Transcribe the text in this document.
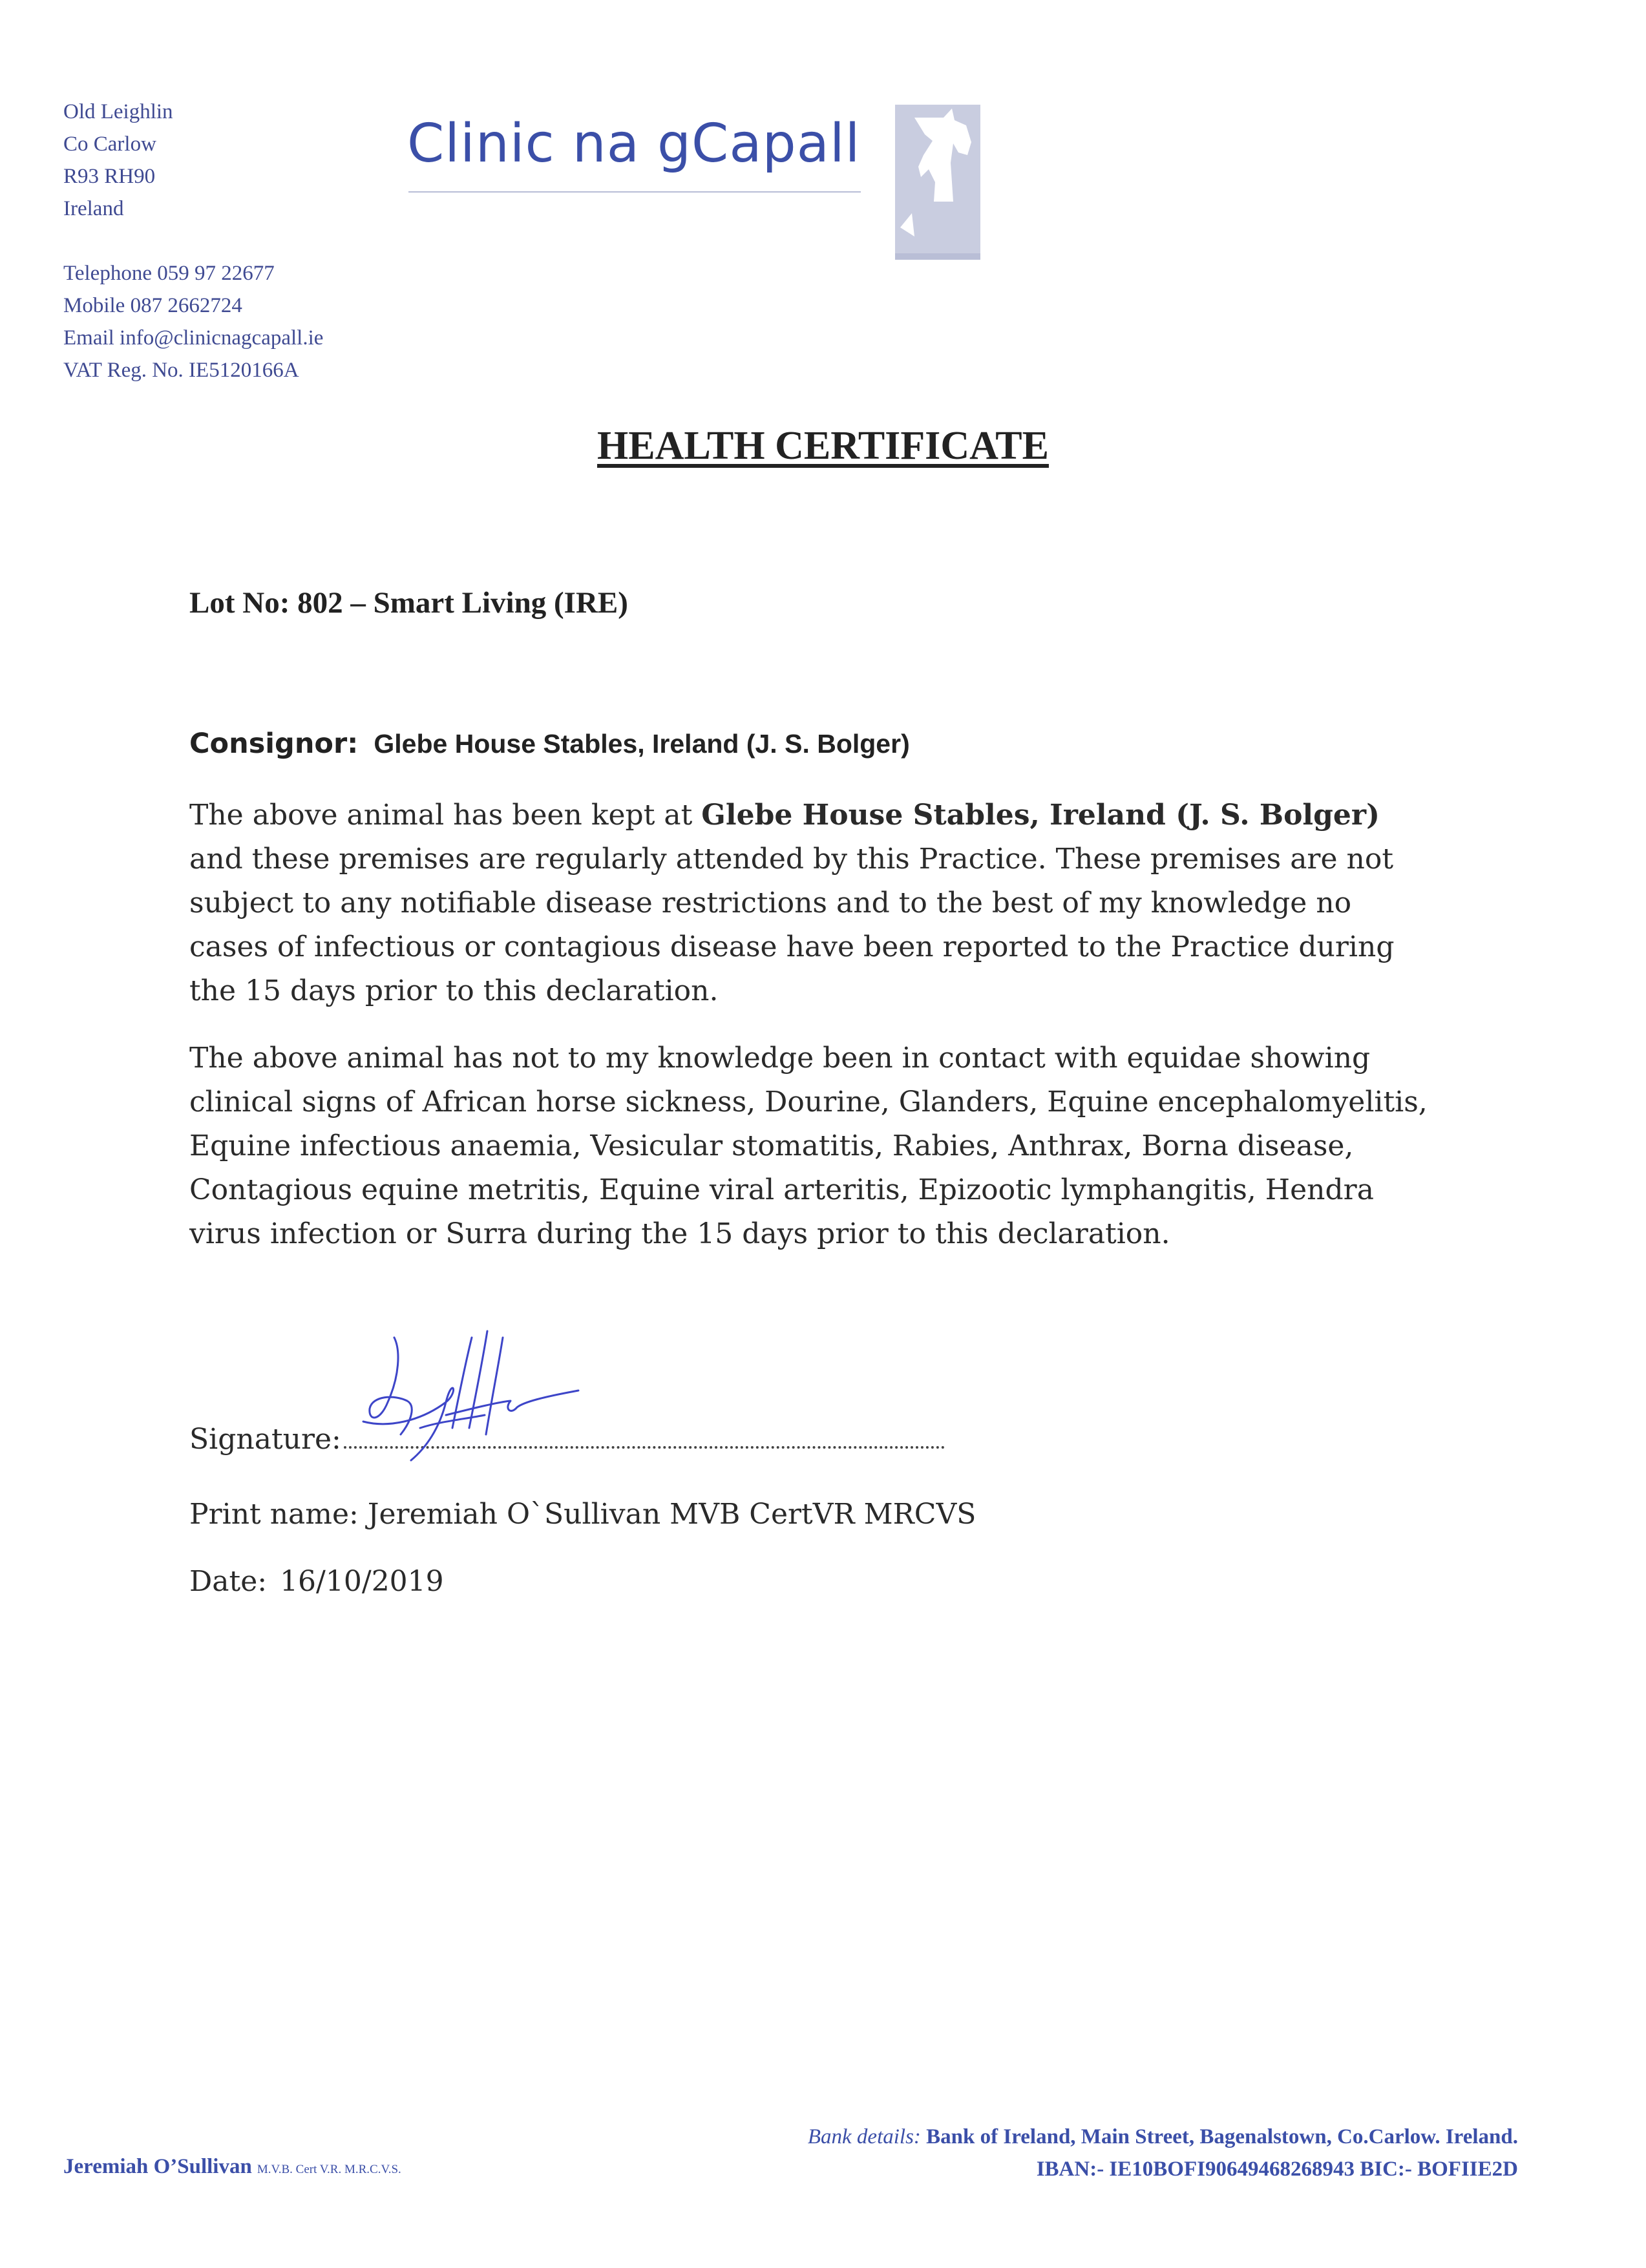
Old Leighlin
Co Carlow
R93 RH90
Ireland
Telephone 059 97 22677
Mobile 087 2662724
Email info@clinicnagcapall.ie
VAT Reg. No. IE5120166A
Clinic na gCapall
HEALTH CERTIFICATE
Lot No: 802 – Smart Living (IRE)
Consignor: Glebe House Stables, Ireland (J. S. Bolger)
The above animal has been kept at Glebe House Stables, Ireland (J. S. Bolger) and these premises are regularly attended by this Practice. These premises are not subject to any notifiable disease restrictions and to the best of my knowledge no cases of infectious or contagious disease have been reported to the Practice during the 15 days prior to this declaration.
The above animal has not to my knowledge been in contact with equidae showing clinical signs of African horse sickness, Dourine, Glanders, Equine encephalomyelitis, Equine infectious anaemia, Vesicular stomatitis, Rabies, Anthrax, Borna disease, Contagious equine metritis, Equine viral arteritis, Epizootic lymphangitis, Hendra virus infection or Surra during the 15 days prior to this declaration.
Signature:
Print name: Jeremiah O`Sullivan MVB CertVR MRCVS
Date: 16/10/2019
Jeremiah O’Sullivan M.V.B. Cert V.R. M.R.C.V.S.
Bank details: Bank of Ireland, Main Street, Bagenalstown, Co.Carlow. Ireland.
IBAN:- IE10BOFI90649468268943 BIC:- BOFIIE2D
